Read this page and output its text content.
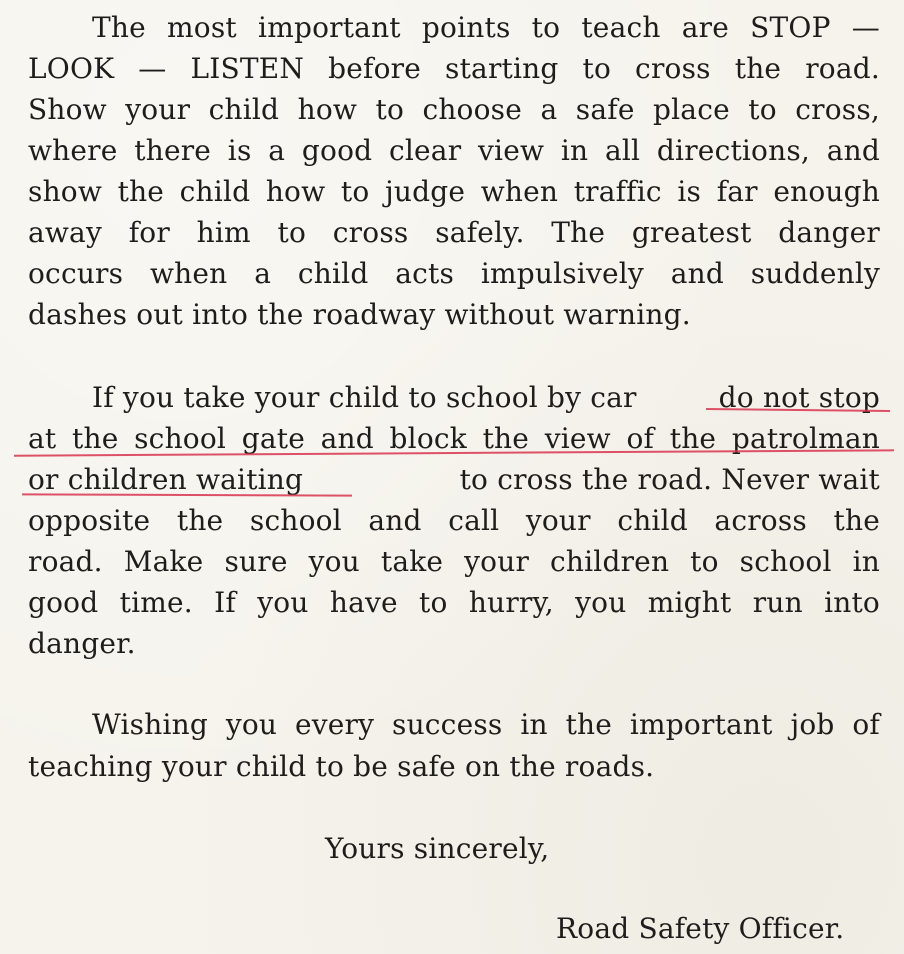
The most important points to teach are STOP —
LOOK — LISTEN before starting to cross the road.
Show your child how to choose a safe place to cross,
where there is a good clear view in all directions, and
show the child how to judge when traffic is far enough
away for him to cross safely. The greatest danger
occurs when a child acts impulsively and suddenly
dashes out into the roadway without warning.
If you take your child to school by car	do not stop
at the school gate and block the view of the patrolman
or children waiting	to cross the road. Never wait
opposite the school and call your child across the
road. Make sure you take your children to school in
good time. If you have to hurry, you might run into
danger.
Wishing you every success in the important job of
teaching your child to be safe on the roads.
Yours sincerely,
Road Safety Officer.
